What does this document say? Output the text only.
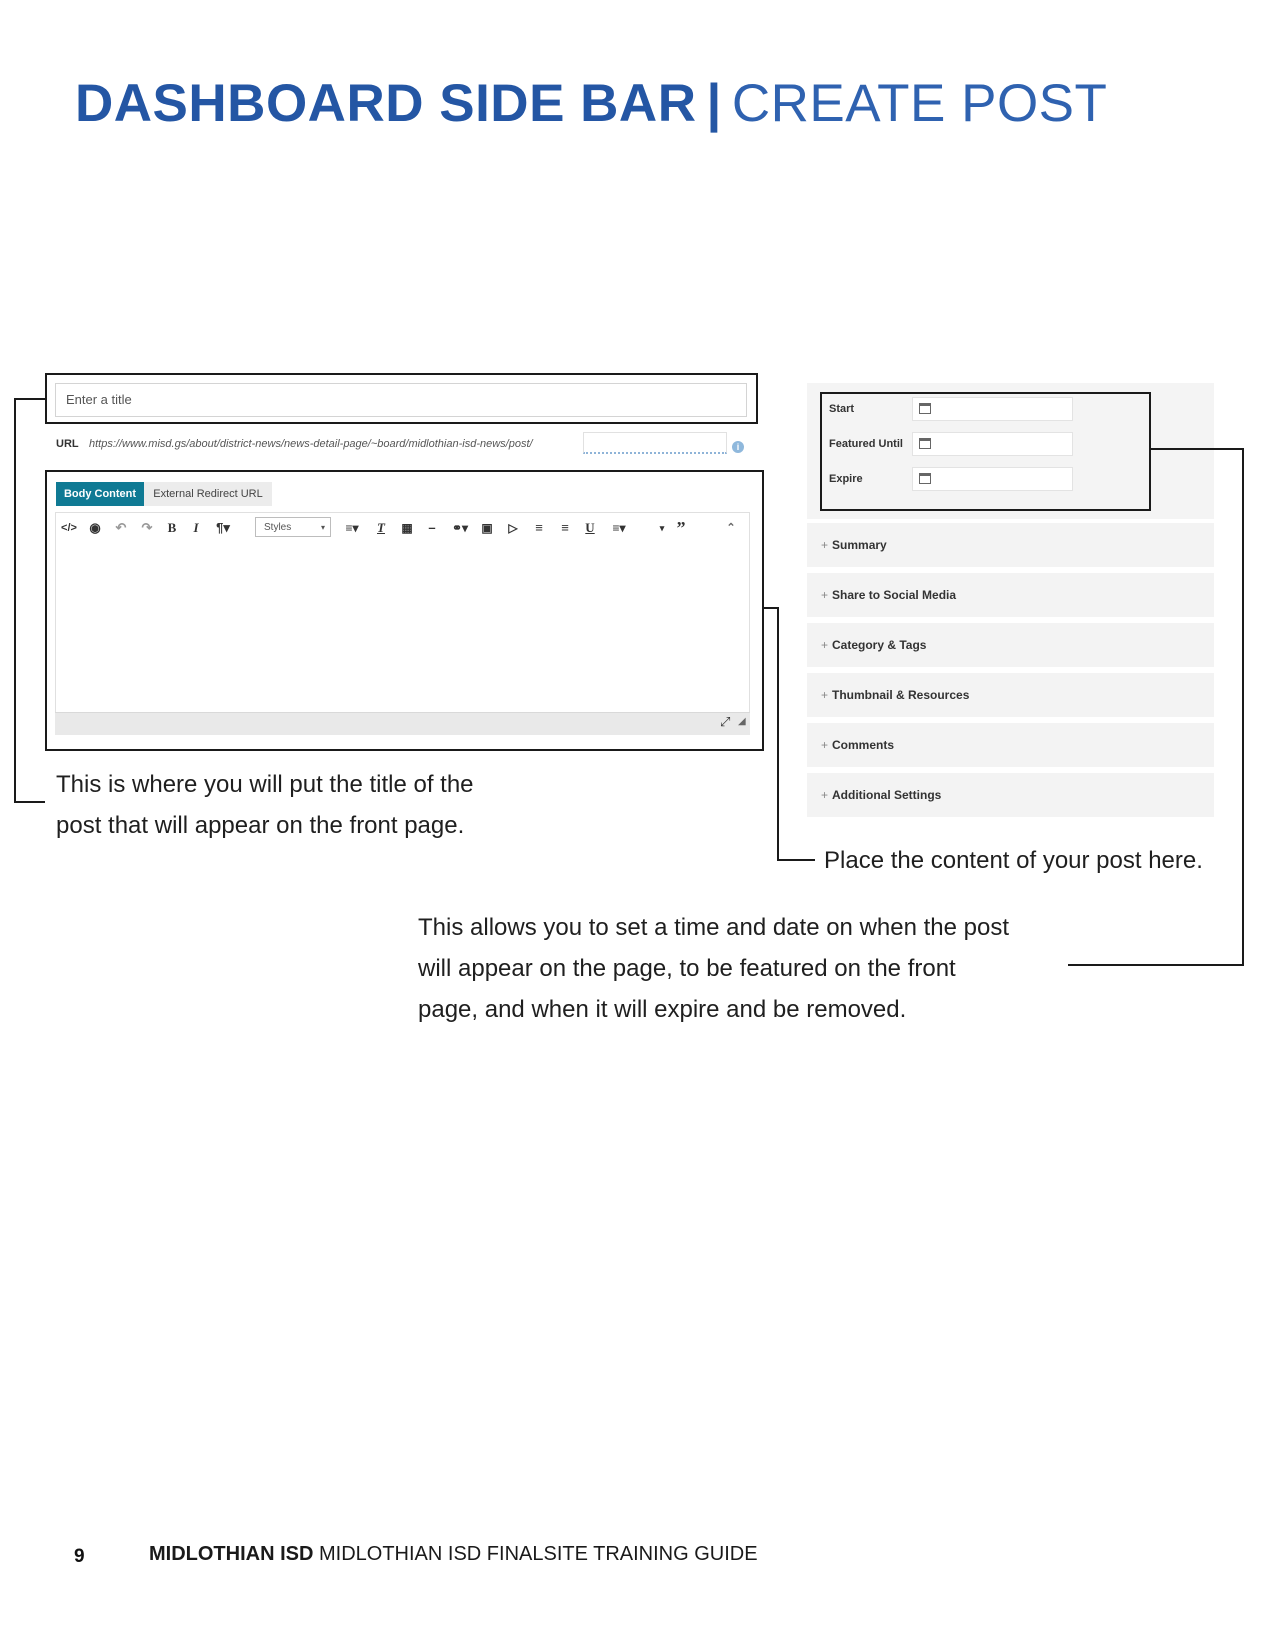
DASHBOARD SIDE BAR | CREATE POST
Enter a title
URL https://www.misd.gs/about/district-news/news-detail-page/~board/midlothian-isd-news/post/	i
Body Content	External Redirect URL
</> ◉ ↶ ↷ B	I	¶▾	Styles	▾	≡▾	T	▦	–	⚭▾	▣	▷	≡	≡	U	≡▾	▾ ”	⌃
⤢ ◢
Start
Featured Until
Expire
+ Summary
+ Share to Social Media
+ Category & Tags
+ Thumbnail & Resources
+ Comments
+ Additional Settings
This is where you will put the title of the
post that will appear on the front page.
Place the content of your post here.
This allows you to set a time and date on when the post
will appear on the page, to be featured on the front
page, and when it will expire and be removed.
9	MIDLOTHIAN ISD MIDLOTHIAN ISD FINALSITE TRAINING GUIDE
